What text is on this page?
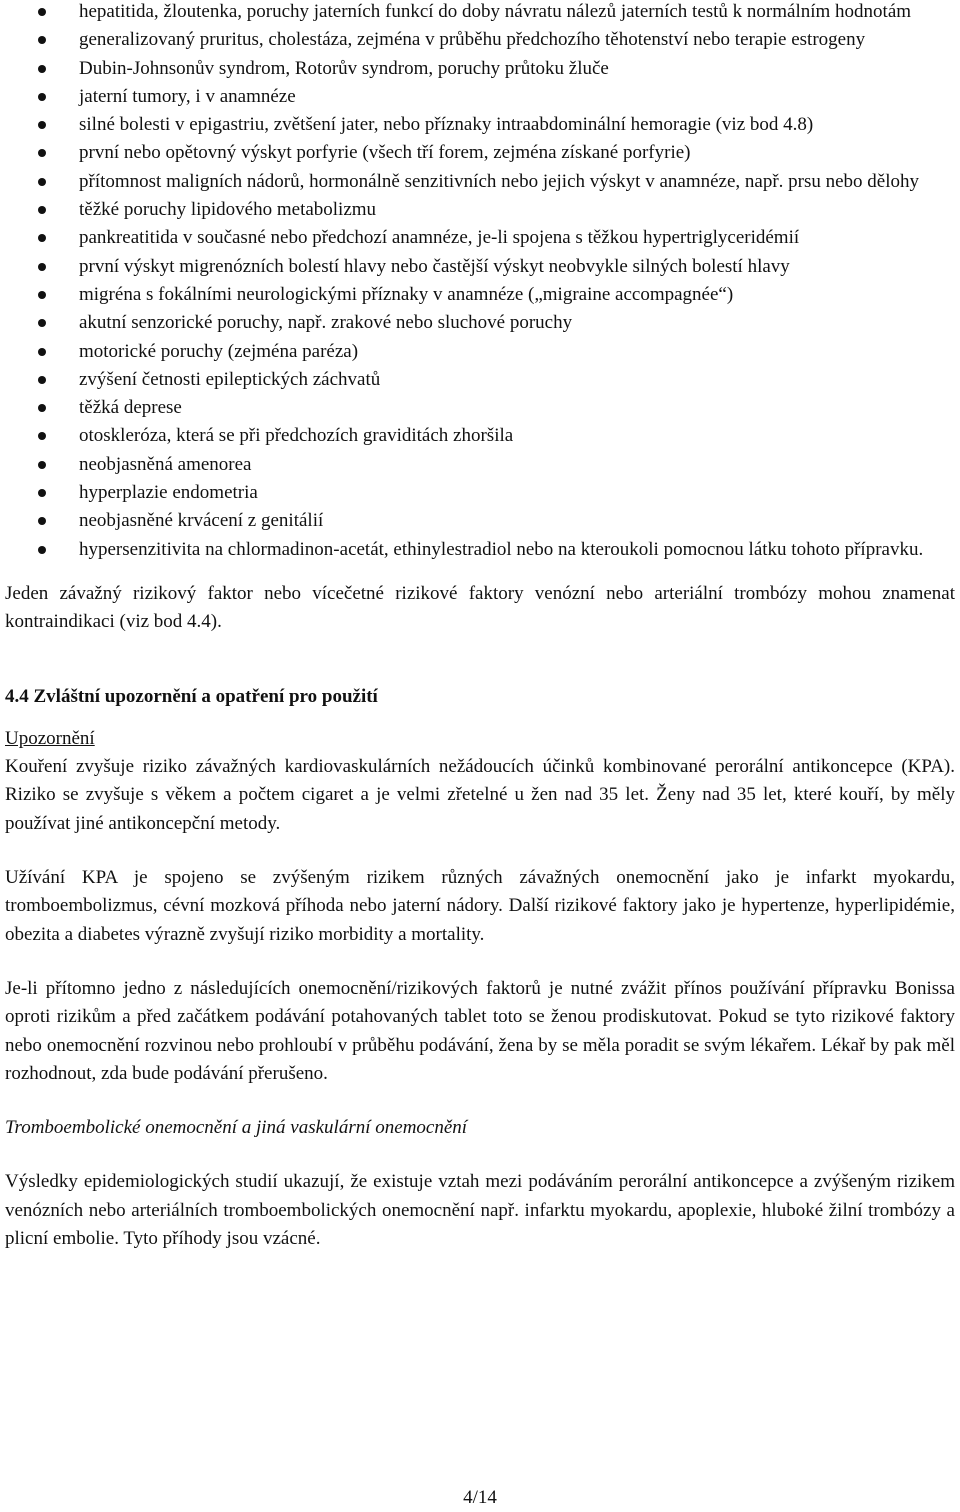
hepatitida, žloutenka, poruchy jaterních funkcí do doby návratu nálezů jaterních testů k normálním hodnotám
generalizovaný pruritus, cholestáza, zejména v průběhu předchozího těhotenství nebo terapie estrogeny
Dubin-Johnsonův syndrom, Rotorův syndrom, poruchy průtoku žluče
jaterní tumory, i v anamnéze
silné bolesti v epigastriu, zvětšení jater, nebo příznaky intraabdominální hemoragie (viz bod 4.8)
první nebo opětovný výskyt porfyrie (všech tří forem, zejména získané porfyrie)
přítomnost maligních nádorů, hormonálně senzitivních nebo jejich výskyt v anamnéze, např. prsu nebo dělohy
těžké poruchy lipidového metabolizmu
pankreatitida v současné nebo předchozí anamnéze, je-li spojena s těžkou hypertriglyceridémií
první výskyt migrenózních bolestí hlavy nebo častější výskyt neobvykle silných bolestí hlavy
migréna s fokálními neurologickými příznaky v anamnéze („migraine accompagnée“)
akutní senzorické poruchy, např. zrakové nebo sluchové poruchy
motorické poruchy (zejména paréza)
zvýšení četnosti epileptických záchvatů
těžká deprese
otoskleróza, která se při předchozích graviditách zhoršila
neobjasněná amenorea
hyperplazie endometria
neobjasněné krvácení z genitálií
hypersenzitivita na chlormadinon-acetát, ethinylestradiol nebo na kteroukoli pomocnou látku tohoto přípravku.

Jeden závažný rizikový faktor nebo vícečetné rizikové faktory venózní nebo arteriální trombózy mohou znamenat kontraindikaci (viz bod 4.4).

4.4 Zvláštní upozornění a opatření pro použití

Upozornění

Kouření zvyšuje riziko závažných kardiovaskulárních nežádoucích účinků kombinované perorální antikoncepce (KPA). Riziko se zvyšuje s věkem a počtem cigaret a je velmi zřetelné u žen nad 35 let. Ženy nad 35 let, které kouří, by měly používat jiné antikoncepční metody.

Užívání KPA je spojeno se zvýšeným rizikem různých závažných onemocnění jako je infarkt myokardu, tromboembolizmus, cévní mozková příhoda nebo jaterní nádory. Další rizikové faktory jako je hypertenze, hyperlipidémie, obezita a diabetes výrazně zvyšují riziko morbidity a mortality.

Je-li přítomno jedno z následujících onemocnění/rizikových faktorů je nutné zvážit přínos používání přípravku Bonissa oproti rizikům a před začátkem podávání potahovaných tablet toto se ženou prodiskutovat. Pokud se tyto rizikové faktory nebo onemocnění rozvinou nebo prohloubí v průběhu podávání, žena by se měla poradit se svým lékařem. Lékař by pak měl rozhodnout, zda bude podávání přerušeno.

Tromboembolické onemocnění a jiná vaskulární onemocnění

Výsledky epidemiologických studií ukazují, že existuje vztah mezi podáváním perorální antikoncepce a zvýšeným rizikem venózních nebo arteriálních tromboembolických onemocnění např. infarktu myokardu, apoplexie, hluboké žilní trombózy a plicní embolie. Tyto příhody jsou vzácné.

4/14
